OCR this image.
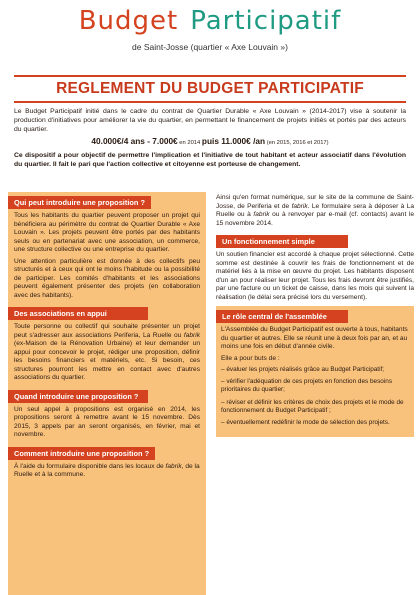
Budget Participatif
de Saint-Josse (quartier « Axe Louvain »)
REGLEMENT DU BUDGET PARTICIPATIF

Le Budget Participatif initié dans le cadre du contrat de Quartier Durable « Axe Louvain » (2014-2017) vise à soutenir la production d'initiatives pour améliorer la vie du quartier, en permettant le financement de projets initiés et portés par des acteurs du quartier.

40.000€/4 ans - 7.000€ en 2014 puis 11.000€ /an (en 2015, 2016 et 2017)

Ce dispositif a pour objectif de permettre l'implication et l'initiative de tout habitant et acteur associatif dans l'évolution du quartier. Il fait le pari que l'action collective et citoyenne est porteuse de changement.

Qui peut introduire une proposition ?

Tous les habitants du quartier peuvent proposer un projet qui bénéficiera au périmètre du contrat de Quartier Durable « Axe Louvain ». Les projets peuvent être portés par des habitants seuls ou en partenariat avec une association, un commerce, une structure collective ou une entreprise du quartier.

Une attention particulière est donnée à des collectifs peu structurés et à ceux qui ont le moins l'habitude ou la possibilité de participer. Les comités d'habitants et les associations peuvent également présenter des projets (en collaboration avec des habitants).

Des associations en appui

Toute personne ou collectif qui souhaite présenter un projet peut s'adresser aux associations Periferia, La Ruelle ou fabrik (ex-Maison de la Rénovation Urbaine) et leur demander un appui pour concevoir le projet, rédiger une proposition, définir les besoins financiers et matériels, etc. Si besoin, ces structures pourront les mettre en contact avec d'autres associations du quartier.

Quand introduire une proposition ?

Un seul appel à propositions est organisé en 2014, les propositions seront à remettre avant le 15 novembre. Dès 2015, 3 appels par an seront organisés, en février, mai et novembre.

Comment introduire une proposition ?

À l'aide du formulaire disponible dans les locaux de fabrik, de la Ruelle et à la commune.

Ainsi qu'en format numérique, sur le site de la commune de Saint-Josse, de Periferia et de fabrik. Le formulaire sera à déposer à La Ruelle ou à fabrik ou à renvoyer par e-mail (cf. contacts) avant le 15 novembre 2014.

Un fonctionnement simple

Un soutien financier est accordé à chaque projet sélectionné. Cette somme est destinée à couvrir les frais de fonctionnement et de matériel liés à la mise en œuvre du projet. Les habitants disposent d'un an pour réaliser leur projet. Tous les frais devront être justifiés, par une facture ou un ticket de caisse, dans les mois qui suivent la réalisation (le délai sera précisé lors du versement).

Le rôle central de l'assemblée

L'Assemblée du Budget Participatif est ouverte à tous, habitants du quartier et autres. Elle se réunit une à deux fois par an, et au moins une fois en début d'année civile.

Elle a pour buts de :

– évaluer les projets réalisés grâce au Budget Participatif;
– vérifier l'adéquation de ces projets en fonction des besoins prioritaires du quartier;
– réviser et définir les critères de choix des projets et le mode de fonctionnement du Budget Participatif ;
– éventuellement redéfinir le mode de sélection des projets.
